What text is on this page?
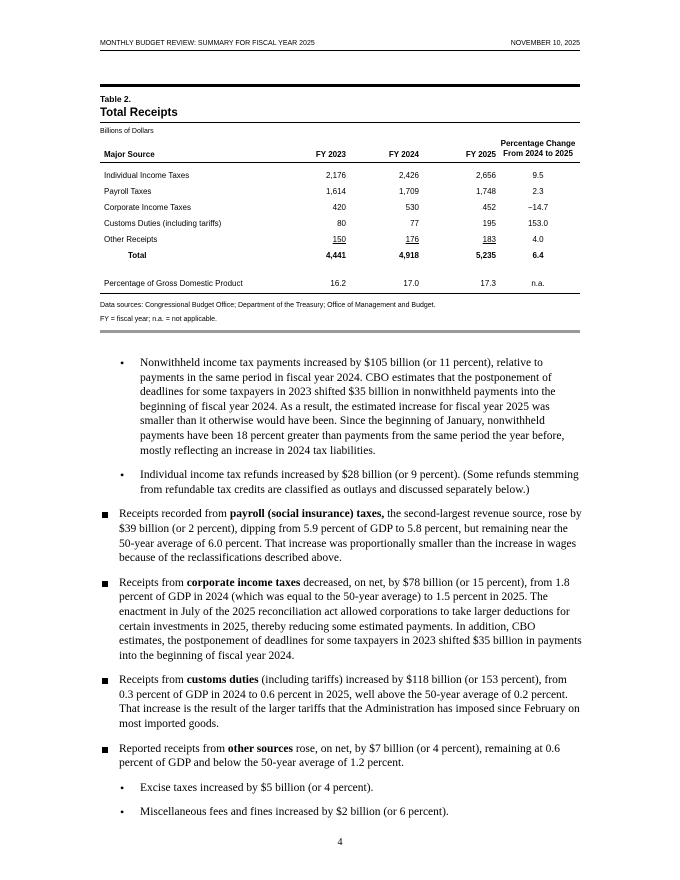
MONTHLY BUDGET REVIEW: SUMMARY FOR FISCAL YEAR 2025	NOVEMBER 10, 2025
Table 2.
Total Receipts
Billions of Dollars
Major Source	FY 2023	FY 2024	FY 2025	Percentage Change
From 2024 to 2025

Individual Income Taxes	2,176	2,426	2,656	9.5
Payroll Taxes	1,614	1,709	1,748	2.3
Corporate Income Taxes	420	530	452	−14.7
Customs Duties (including tariffs)	80	77	195	153.0
Other Receipts	150	176	183	4.0
Total	4,441	4,918	5,235	6.4

Percentage of Gross Domestic Product	16.2	17.0	17.3	n.a.
Data sources: Congressional Budget Office; Department of the Treasury; Office of Management and Budget.
FY = fiscal year; n.a. = not applicable.
• Nonwithheld income tax payments increased by $105 billion (or 11 percent), relative to payments in the same period in fiscal year 2024. CBO estimates that the postponement of deadlines for some taxpayers in 2023 shifted $35 billion in nonwithheld payments into the beginning of fiscal year 2024. As a result, the estimated increase for fiscal year 2025 was smaller than it otherwise would have been. Since the beginning of January, nonwithheld payments have been 18 percent greater than payments from the same period the year before, mostly reflecting an increase in 2024 tax liabilities.
• Individual income tax refunds increased by $28 billion (or 9 percent). (Some refunds stemming from refundable tax credits are classified as outlays and discussed separately below.)
Receipts recorded from payroll (social insurance) taxes, the second-largest revenue source, rose by $39 billion (or 2 percent), dipping from 5.9 percent of GDP to 5.8 percent, but remaining near the 50-year average of 6.0 percent. That increase was proportionally smaller than the increase in wages because of the reclassifications described above.
Receipts from corporate income taxes decreased, on net, by $78 billion (or 15 percent), from 1.8 percent of GDP in 2024 (which was equal to the 50-year average) to 1.5 percent in 2025. The enactment in July of the 2025 reconciliation act allowed corporations to take larger deductions for certain investments in 2025, thereby reducing some estimated payments. In addition, CBO estimates, the postponement of deadlines for some taxpayers in 2023 shifted $35 billion in payments into the beginning of fiscal year 2024.
Receipts from customs duties (including tariffs) increased by $118 billion (or 153 percent), from 0.3 percent of GDP in 2024 to 0.6 percent in 2025, well above the 50-year average of 0.2 percent. That increase is the result of the larger tariffs that the Administration has imposed since February on most imported goods.
Reported receipts from other sources rose, on net, by $7 billion (or 4 percent), remaining at 0.6 percent of GDP and below the 50-year average of 1.2 percent.
• Excise taxes increased by $5 billion (or 4 percent).
• Miscellaneous fees and fines increased by $2 billion (or 6 percent).
4
